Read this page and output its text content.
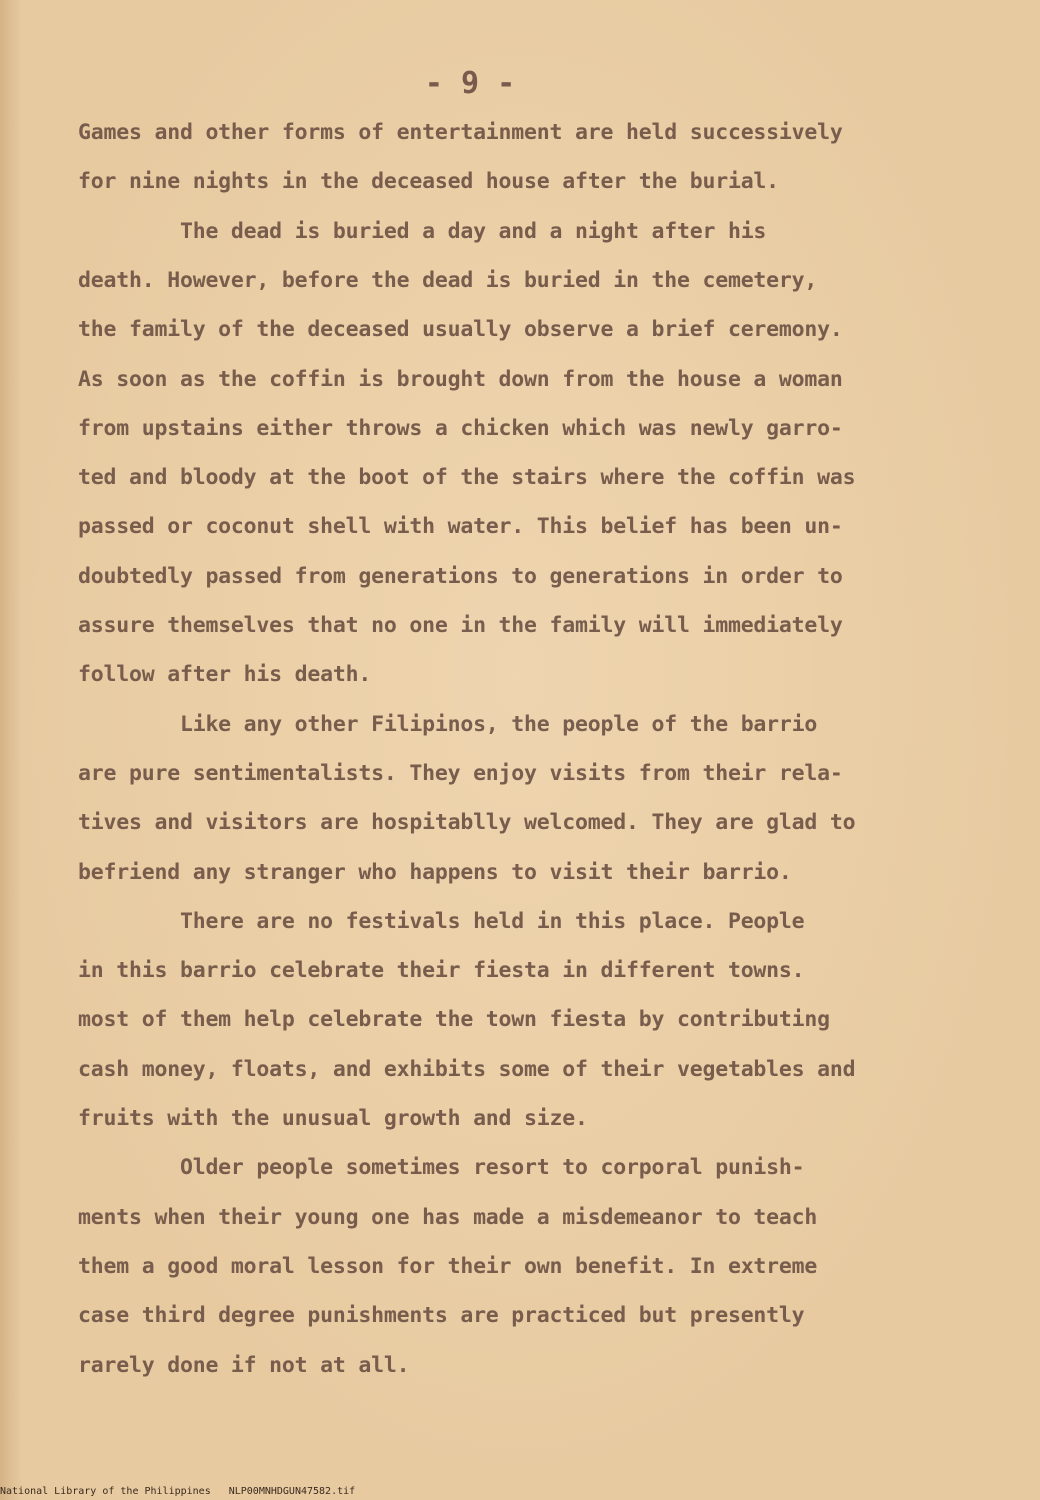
- 9 -

Games and other forms of entertainment are held successively

for nine nights in the deceased house after the burial.

The dead is buried a day and a night after his

death. However, before the dead is buried in the cemetery,

the family of the deceased usually observe a brief ceremony.

As soon as the coffin is brought down from the house a woman

from upstains either throws a chicken which was newly garro-

ted and bloody at the boot of the stairs where the coffin was

passed or coconut shell with water. This belief has been un-

doubtedly passed from generations to generations in order to

assure themselves that no one in the family will immediately

follow after his death.

Like any other Filipinos, the people of the barrio

are pure sentimentalists. They enjoy visits from their rela-

tives and visitors are hospitablly welcomed. They are glad to

befriend any stranger who happens to visit their barrio.

There are no festivals held in this place. People

in this barrio celebrate their fiesta in different towns.

most of them help celebrate the town fiesta by contributing

cash money, floats, and exhibits some of their vegetables and

fruits with the unusual growth and size.

Older people sometimes resort to corporal punish-

ments when their young one has made a misdemeanor to teach

them a good moral lesson for their own benefit. In extreme

case third degree punishments are practiced but presently

rarely done if not at all.

National Library of the Philippines NLP00MNHDGUN47582.tif
